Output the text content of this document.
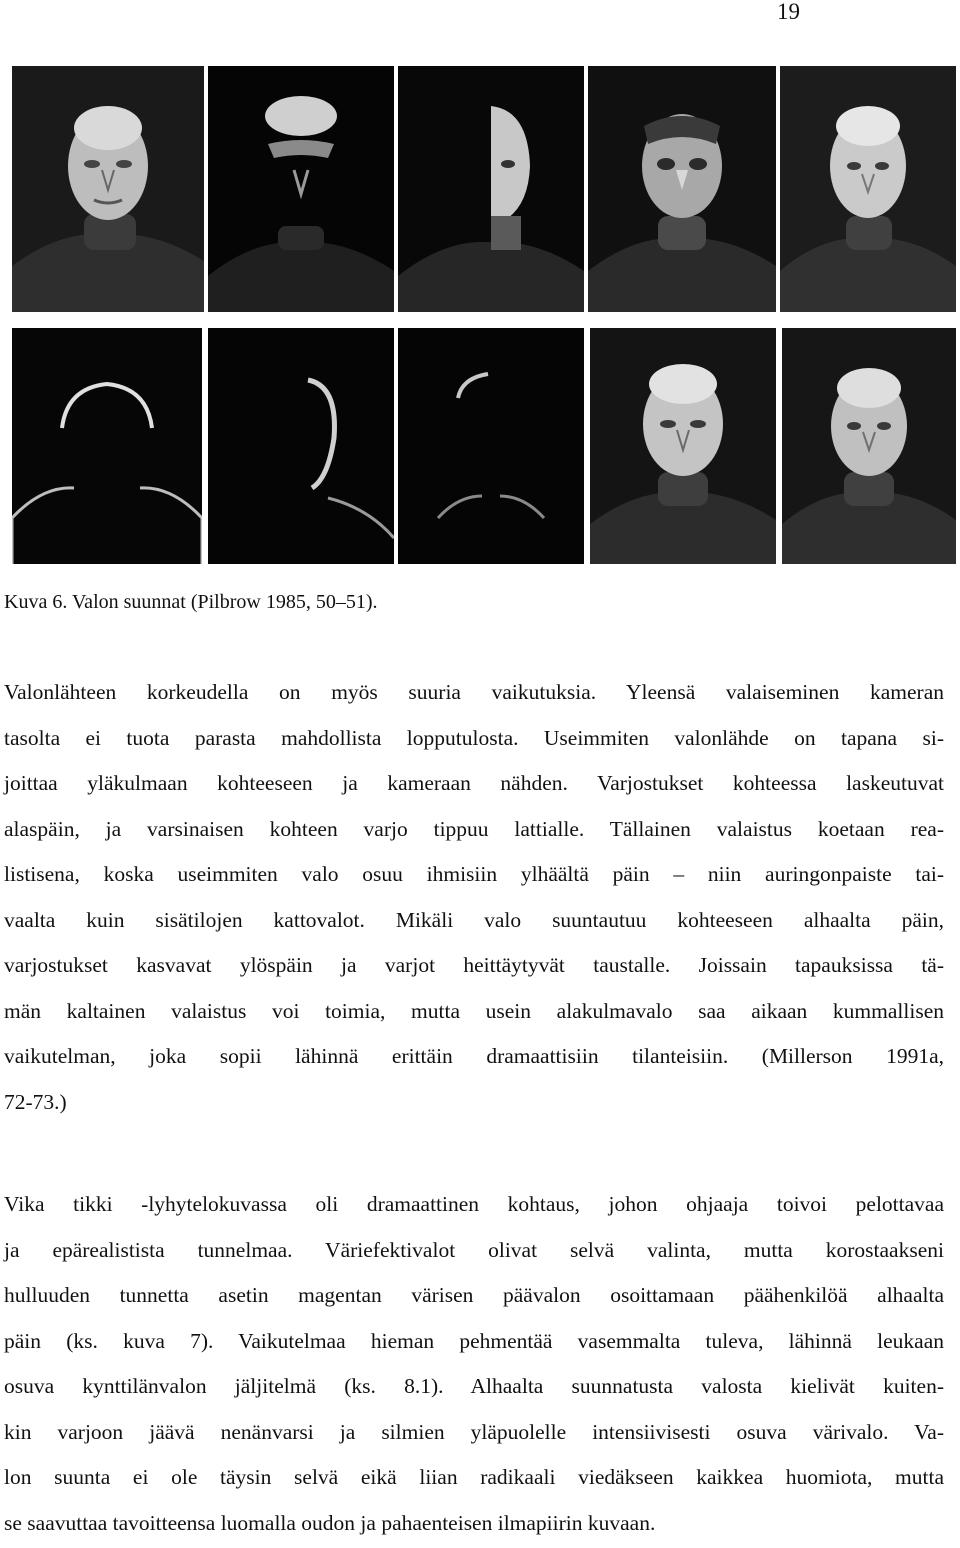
19
Kuva 6. Valon suunnat (Pilbrow 1985, 50–51).
Valonlähteen korkeudella on myös suuria vaikutuksia. Yleensä valaiseminen kameran
tasolta ei tuota parasta mahdollista lopputulosta. Useimmiten valonlähde on tapana si-
joittaa yläkulmaan kohteeseen ja kameraan nähden. Varjostukset kohteessa laskeutuvat
alaspäin, ja varsinaisen kohteen varjo tippuu lattialle. Tällainen valaistus koetaan rea-
listisena, koska useimmiten valo osuu ihmisiin ylhäältä päin – niin auringonpaiste tai-
vaalta kuin sisätilojen kattovalot. Mikäli valo suuntautuu kohteeseen alhaalta päin,
varjostukset kasvavat ylöspäin ja varjot heittäytyvät taustalle. Joissain tapauksissa tä-
män kaltainen valaistus voi toimia, mutta usein alakulmavalo saa aikaan kummallisen
vaikutelman, joka sopii lähinnä erittäin dramaattisiin tilanteisiin. (Millerson 1991a,
72-73.)
Vika tikki -lyhytelokuvassa oli dramaattinen kohtaus, johon ohjaaja toivoi pelottavaa
ja epärealistista tunnelmaa. Väriefektivalot olivat selvä valinta, mutta korostaakseni
hulluuden tunnetta asetin magentan värisen päävalon osoittamaan päähenkilöä alhaalta
päin (ks. kuva 7). Vaikutelmaa hieman pehmentää vasemmalta tuleva, lähinnä leukaan
osuva kynttilänvalon jäljitelmä (ks. 8.1). Alhaalta suunnatusta valosta kielivät kuiten-
kin varjoon jäävä nenänvarsi ja silmien yläpuolelle intensiivisesti osuva värivalo. Va-
lon suunta ei ole täysin selvä eikä liian radikaali viedäkseen kaikkea huomiota, mutta
se saavuttaa tavoitteensa luomalla oudon ja pahaenteisen ilmapiirin kuvaan.
